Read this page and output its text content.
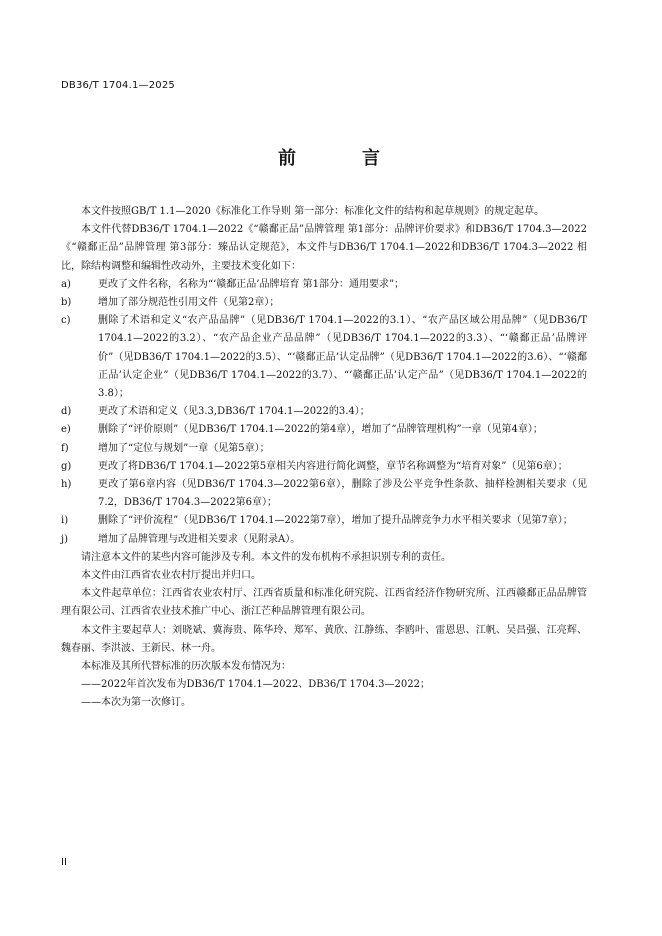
DB36/T 1704.1—2025
前　言

本文件按照GB/T 1.1—2020《标准化工作导则 第一部分：标准化文件的结构和起草规则》的规定起草。

本文件代替DB36/T 1704.1—2022《“赣鄱正品”品牌管理 第1部分：品牌评价要求》和DB36/T 1704.3—2022《“赣鄱正品”品牌管理 第3部分：臻品认定规范》，本文件与DB36/T 1704.1—2022和DB36/T 1704.3—2022 相比，除结构调整和编辑性改动外，主要技术变化如下：

a)	更改了文件名称，名称为“‘赣鄱正品’品牌培育 第1部分：通用要求”；
b)	增加了部分规范性引用文件（见第2章）；
c)	删除了术语和定义“农产品品牌”（见DB36/T 1704.1—2022的3.1）、“农产品区域公用品牌”（见DB36/T 1704.1—2022的3.2）、“农产品企业产品品牌”（见DB36/T 1704.1—2022的3.3）、“‘赣鄱正品’品牌评价”（见DB36/T 1704.1—2022的3.5）、“‘赣鄱正品’认定品牌”（见DB36/T 1704.1—2022的3.6）、“‘赣鄱正品’认定企业”（见DB36/T 1704.1—2022的3.7）、“‘赣鄱正品’认定产品”（见DB36/T 1704.1—2022的3.8）；
d)	更改了术语和定义（见3.3,DB36/T 1704.1—2022的3.4）；
e)	删除了“评价原则”（见DB36/T 1704.1—2022的第4章），增加了“品牌管理机构”一章（见第4章）；
f)	增加了“定位与规划”一章（见第5章）；
g)	更改了将DB36/T 1704.1—2022第5章相关内容进行简化调整，章节名称调整为“培育对象”（见第6章）；
h)	更改了第6章内容（见DB36/T 1704.3—2022第6章），删除了涉及公平竞争性条款、抽样检测相关要求（见7.2，DB36/T 1704.3—2022第6章）；
i)	删除了“评价流程”（见DB36/T 1704.1—2022第7章），增加了提升品牌竞争力水平相关要求（见第7章）；
j)	增加了品牌管理与改进相关要求（见附录A）。

请注意本文件的某些内容可能涉及专利。本文件的发布机构不承担识别专利的责任。

本文件由江西省农业农村厅提出并归口。

本文件起草单位：江西省农业农村厅、江西省质量和标准化研究院、江西省经济作物研究所、江西赣鄱正品品牌管理有限公司、江西省农业技术推广中心、浙江芒种品牌管理有限公司。

本文件主要起草人：刘晓斌、冀海贵、陈华玲、郑军、黄欣、江静练、李鸥叶、雷恩思、江帆、吴昌强、江亮辉、魏春丽、李洪波、王新民、林一舟。

本标准及其所代替标准的历次版本发布情况为：

——2022年首次发布为DB36/T 1704.1—2022、DB36/T 1704.3—2022；

——本次为第一次修订。

II
